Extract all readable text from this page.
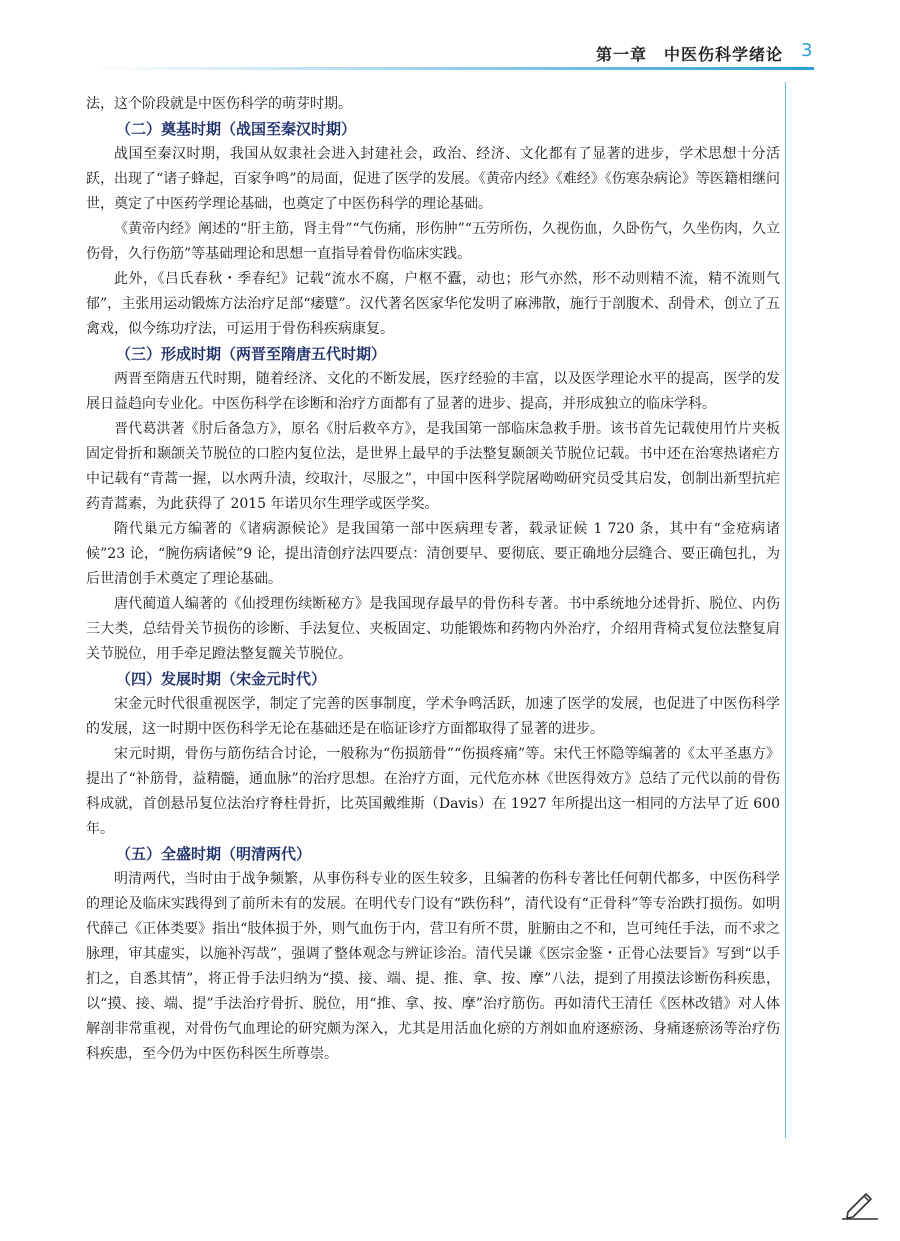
第一章　中医伤科学绪论 3

法，这个阶段就是中医伤科学的萌芽时期。

（二）奠基时期（战国至秦汉时期）

战国至秦汉时期，我国从奴隶社会进入封建社会，政治、经济、文化都有了显著的进步，学术思想十分活跃，出现了“诸子蜂起，百家争鸣”的局面，促进了医学的发展。《黄帝内经》《难经》《伤寒杂病论》等医籍相继问世，奠定了中医药学理论基础，也奠定了中医伤科学的理论基础。

《黄帝内经》阐述的“肝主筋，肾主骨”“气伤痛，形伤肿”“五劳所伤，久视伤血，久卧伤气，久坐伤肉，久立伤骨，久行伤筋”等基础理论和思想一直指导着骨伤临床实践。

此外，《吕氏春秋・季春纪》记载“流水不腐，户枢不蠹，动也；形气亦然，形不动则精不流，精不流则气郁”，主张用运动锻炼方法治疗足部“痿躄”。汉代著名医家华佗发明了麻沸散，施行于剖腹术、刮骨术，创立了五禽戏，似今练功疗法，可运用于骨伤科疾病康复。

（三）形成时期（两晋至隋唐五代时期）

两晋至隋唐五代时期，随着经济、文化的不断发展，医疗经验的丰富，以及医学理论水平的提高，医学的发展日益趋向专业化。中医伤科学在诊断和治疗方面都有了显著的进步、提高，并形成独立的临床学科。

晋代葛洪著《肘后备急方》，原名《肘后救卒方》，是我国第一部临床急救手册。该书首先记载使用竹片夹板固定骨折和颞颌关节脱位的口腔内复位法，是世界上最早的手法整复颞颌关节脱位记载。书中还在治寒热诸疟方中记载有“青蒿一握，以水两升渍，绞取汁，尽服之”，中国中医科学院屠呦呦研究员受其启发，创制出新型抗疟药青蒿素，为此获得了 2015 年诺贝尔生理学或医学奖。

隋代巢元方编著的《诸病源候论》是我国第一部中医病理专著，载录证候 1 720 条，其中有“金疮病诸候”23 论，“腕伤病诸候”9 论，提出清创疗法四要点：清创要早、要彻底、要正确地分层缝合、要正确包扎，为后世清创手术奠定了理论基础。

唐代蔺道人编著的《仙授理伤续断秘方》是我国现存最早的骨伤科专著。书中系统地分述骨折、脱位、内伤三大类，总结骨关节损伤的诊断、手法复位、夹板固定、功能锻炼和药物内外治疗，介绍用背椅式复位法整复肩关节脱位，用手牵足蹬法整复髋关节脱位。

（四）发展时期（宋金元时代）

宋金元时代很重视医学，制定了完善的医事制度，学术争鸣活跃，加速了医学的发展，也促进了中医伤科学的发展，这一时期中医伤科学无论在基础还是在临证诊疗方面都取得了显著的进步。

宋元时期，骨伤与筋伤结合讨论，一般称为“伤损筋骨”“伤损疼痛”等。宋代王怀隐等编著的《太平圣惠方》提出了“补筋骨，益精髓，通血脉”的治疗思想。在治疗方面，元代危亦林《世医得效方》总结了元代以前的骨伤科成就，首创悬吊复位法治疗脊柱骨折，比英国戴维斯（Davis）在 1927 年所提出这一相同的方法早了近 600 年。

（五）全盛时期（明清两代）

明清两代，当时由于战争频繁，从事伤科专业的医生较多，且编著的伤科专著比任何朝代都多，中医伤科学的理论及临床实践得到了前所未有的发展。在明代专门设有“跌伤科”，清代设有“正骨科”等专治跌打损伤。如明代薛己《正体类要》指出“肢体损于外，则气血伤于内，营卫有所不贯，脏腑由之不和，岂可纯任手法，而不求之脉理，审其虚实，以施补泻哉”，强调了整体观念与辨证诊治。清代吴谦《医宗金鉴・正骨心法要旨》写到“以手扪之，自悉其情”，将正骨手法归纳为“摸、接、端、提、推、拿、按、摩”八法，提到了用摸法诊断伤科疾患，以“摸、接、端、提”手法治疗骨折、脱位，用“推、拿、按、摩”治疗筋伤。再如清代王清任《医林改错》对人体解剖非常重视，对骨伤气血理论的研究颇为深入，尤其是用活血化瘀的方剂如血府逐瘀汤、身痛逐瘀汤等治疗伤科疾患，至今仍为中医伤科医生所尊崇。
